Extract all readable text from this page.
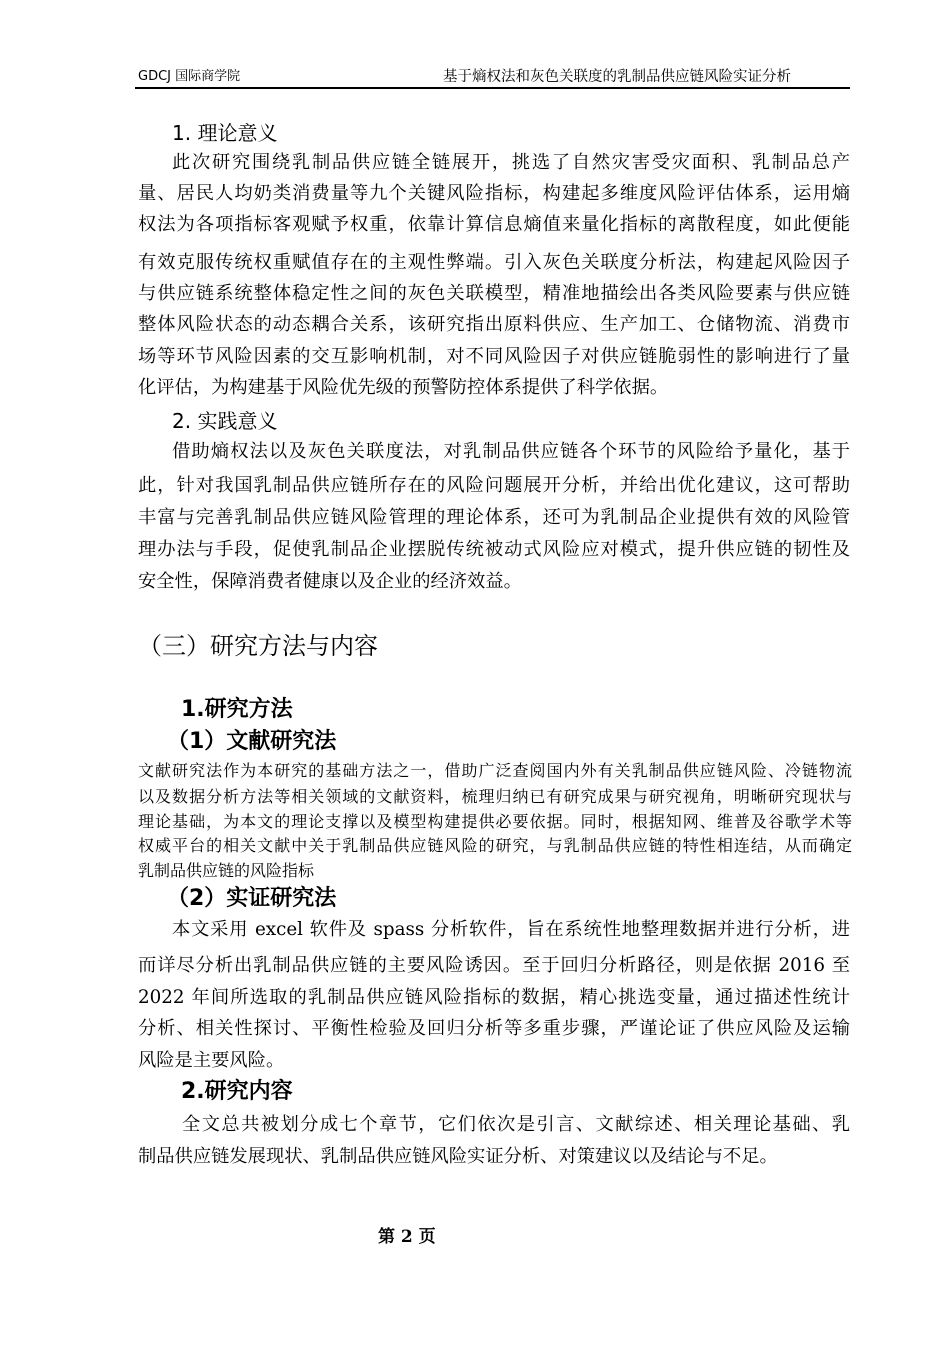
GDCJ 国际商学院	基于熵权法和灰色关联度的乳制品供应链风险实证分析
1. 理论意义
此次研究围绕乳制品供应链全链展开，挑选了自然灾害受灾面积、乳制品总产
量、居民人均奶类消费量等九个关键风险指标，构建起多维度风险评估体系，运用熵
权法为各项指标客观赋予权重，依靠计算信息熵值来量化指标的离散程度，如此便能
有效克服传统权重赋值存在的主观性弊端。引入灰色关联度分析法，构建起风险因子
与供应链系统整体稳定性之间的灰色关联模型，精准地描绘出各类风险要素与供应链
整体风险状态的动态耦合关系，该研究指出原料供应、生产加工、仓储物流、消费市
场等环节风险因素的交互影响机制，对不同风险因子对供应链脆弱性的影响进行了量
化评估，为构建基于风险优先级的预警防控体系提供了科学依据。
2. 实践意义
借助熵权法以及灰色关联度法，对乳制品供应链各个环节的风险给予量化，基于
此，针对我国乳制品供应链所存在的风险问题展开分析，并给出优化建议，这可帮助
丰富与完善乳制品供应链风险管理的理论体系，还可为乳制品企业提供有效的风险管
理办法与手段，促使乳制品企业摆脱传统被动式风险应对模式，提升供应链的韧性及
安全性，保障消费者健康以及企业的经济效益。
（三）研究方法与内容
1.研究方法
（1）文献研究法
文献研究法作为本研究的基础方法之一，借助广泛查阅国内外有关乳制品供应链风险、冷链物流
以及数据分析方法等相关领域的文献资料，梳理归纳已有研究成果与研究视角，明晰研究现状与
理论基础，为本文的理论支撑以及模型构建提供必要依据。同时，根据知网、维普及谷歌学术等
权威平台的相关文献中关于乳制品供应链风险的研究，与乳制品供应链的特性相连结，从而确定
乳制品供应链的风险指标
（2）实证研究法
本文采用 excel 软件及 spass 分析软件，旨在系统性地整理数据并进行分析，进
而详尽分析出乳制品供应链的主要风险诱因。至于回归分析路径，则是依据 2016 至
2022 年间所选取的乳制品供应链风险指标的数据，精心挑选变量，通过描述性统计
分析、相关性探讨、平衡性检验及回归分析等多重步骤，严谨论证了供应风险及运输
风险是主要风险。
2.研究内容
全文总共被划分成七个章节，它们依次是引言、文献综述、相关理论基础、乳
制品供应链发展现状、乳制品供应链风险实证分析、对策建议以及结论与不足。
第 2 页
